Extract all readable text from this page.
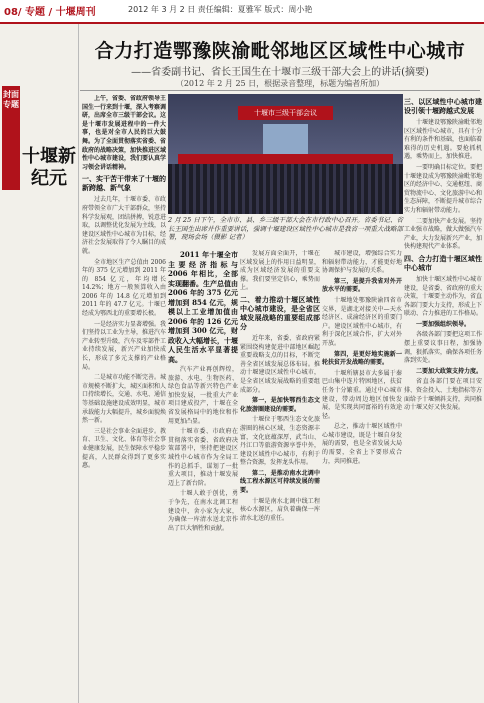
08/ 专题 / 十堰周刊	2012 年 3 月 2 日 责任编辑：夏雅军 版式：周小艳
封面专题
十堰新纪元
合力打造鄂豫陕渝毗邻地区区域性中心城市
——省委副书记、省长王国生在十堰市三级干部大会上的讲话(摘要)
（2012 年 2 月 25 日，根据录音整理，标题为编者所加）
十堰市三级干部会议
2 月 25 日下午，全市市、县、乡三级干部大会在市行政中心召开。省委书记、省长王国生出席并作重要讲话，强调十堰建设区域性中心城市是我省一项重大战略部署，现场会场（摄影 记者）

上午，省委、省政府领导王国生一行来到十堰，深入考察调研，出席全市三级干部会议。这是十堰市发展进程中的一件大事，也是对全市人民的巨大鼓舞。为了全面贯彻落实省委、省政府的战略决策，加快推进区域性中心城市建设，我们要认真学习领会讲话精神。

一、实干苦干带来了十堰的新跨越、新气象

过去几年，十堰市委、市政府带领全市广大干部群众，坚持科学发展观，团结拼搏，锐意进取，以调整优化发展为主线，以建设区域性中心城市为目标，经济社会发展取得了令人瞩目的成就。

全市地区生产总值由 2006 年的 375 亿元增加到 2011 年的 854 亿元，年均增长 14.2%；地方一般预算收入由 2006 年的 14.8 亿元增加到 2011 年的 47.7 亿元。十堰已经成为鄂西北的重要增长极。

一是经济实力显著增强。我们坚持以工业为主导，推进汽车产业转型升级，汽车及零部件工业持续发展，新兴产业加快成长，形成了多元支撑的产业格局。

二是城市功能不断完善。城市规模不断扩大，城区面积和人口持续增长，交通、水电、通信等基础设施建设成效明显，城市承载能力大幅提升，城乡面貌焕然一新。

三是社会事业全面进步。教育、卫生、文化、体育等社会事业健康发展，民生保障水平稳步提高，人民群众得到了更多实惠。

2011 年十堰全市主要经济指标与 2006 年相比，全部实现翻番。生产总值由 2006 年的 375 亿元增加到 854 亿元，规模以上工业增加值由 2006 年的 126 亿元增加到 300 亿元，财政收入大幅增长，十堰人民生活水平显著提高。

汽车产业再创辉煌，旅游、水电、生物医药、绿色食品等新兴特色产业加快发展，一批重大产业项目建成投产，十堰在全省发展格局中的地位和作用更加凸显。

十堰市委、市政府在贯彻落实省委、省政府决策部署中，坚持把建设区域性中心城市作为全局工作的总抓手，谋划了一批重大项目，推动十堰发展迈上了新台阶。

十堰人敢于创优，勇于争先，在南水北调工程建设中，舍小家为大家，为确保一库清水送北京作出了巨大牺牲和贡献。

发展方面全面开，十堰在区域发展上的作用日益明显，成为区域经济发展的重要支撑。我们要坚定信心，乘势而上。

二、着力推动十堰区域性中心城市建设，是全省区域发展战略的重要组成部分

近年来，省委、省政府紧紧围绕构建促进中部地区崛起重要战略支点的目标，不断完善全省区域发展总体布局。推动十堰建设区域性中心城市，是全省区域发展战略的重要组成部分。

第一，是加快鄂西生态文化旅游圈建设的需要。

十堰位于鄂西生态文化旅游圈的核心区域，生态资源丰富，文化底蕴深厚，武当山、丹江口等旅游资源享誉中外，建设区域性中心城市，有利于整合资源，发挥龙头作用。

第二，是推动南水北调中线工程水源区可持续发展的需要。

十堰是南水北调中线工程核心水源区，肩负着确保一库清水北送的重任。

城市建设，增强综合实力和辐射带动能力，才能更好地协调保护与发展的关系。

第三，是提升我省对外开放水平的需要。

十堰地处鄂豫陕渝四省市交界，是湖北对接关中—天水经济区、成渝经济区的重要门户。建设区域性中心城市，有利于深化区域合作，扩大对外开放。

第四，是更好地实施新一轮扶贫开发战略的需要。

十堰所辖县市大多属于秦巴山集中连片特困地区，扶贫任务十分繁重。通过中心城市建设，带动周边地区加快发展，是实现共同富裕的有效途径。

总之，推动十堰区域性中心城市建设，既是十堰自身发展的需要，也是全省发展大局的需要，全省上下要形成合力，共同推进。

三、以区域性中心城市建设引领十堰跨越式发展

十堰建设鄂豫陕渝毗邻地区区域性中心城市，具有十分有利的条件和基础，也面临着难得的历史机遇。要抢抓机遇，乘势而上，加快推进。

一要明确目标定位。要把十堰建设成为鄂豫陕渝毗邻地区的经济中心、交通枢纽、商贸物流中心、文化旅游中心和生态屏障，不断提升城市综合实力和辐射带动能力。

二要加快产业发展。坚持工业强市战略，做大做强汽车产业，大力发展新兴产业，加快构建现代产业体系。

四、合力打造十堰区域性中心城市

加快十堰区域性中心城市建设，是省委、省政府的重大决策，十堰要主动作为，省直各部门要大力支持，形成上下联动、合力推进的工作格局。

一要加强组织领导。

各级各部门要把这项工作摆上重要议事日程，加强协调，狠抓落实，确保各项任务落到实处。

二要加大政策支持力度。

省直各部门要在项目安排、资金投入、土地指标等方面给予十堰倾斜支持，共同推动十堰又好又快发展。
